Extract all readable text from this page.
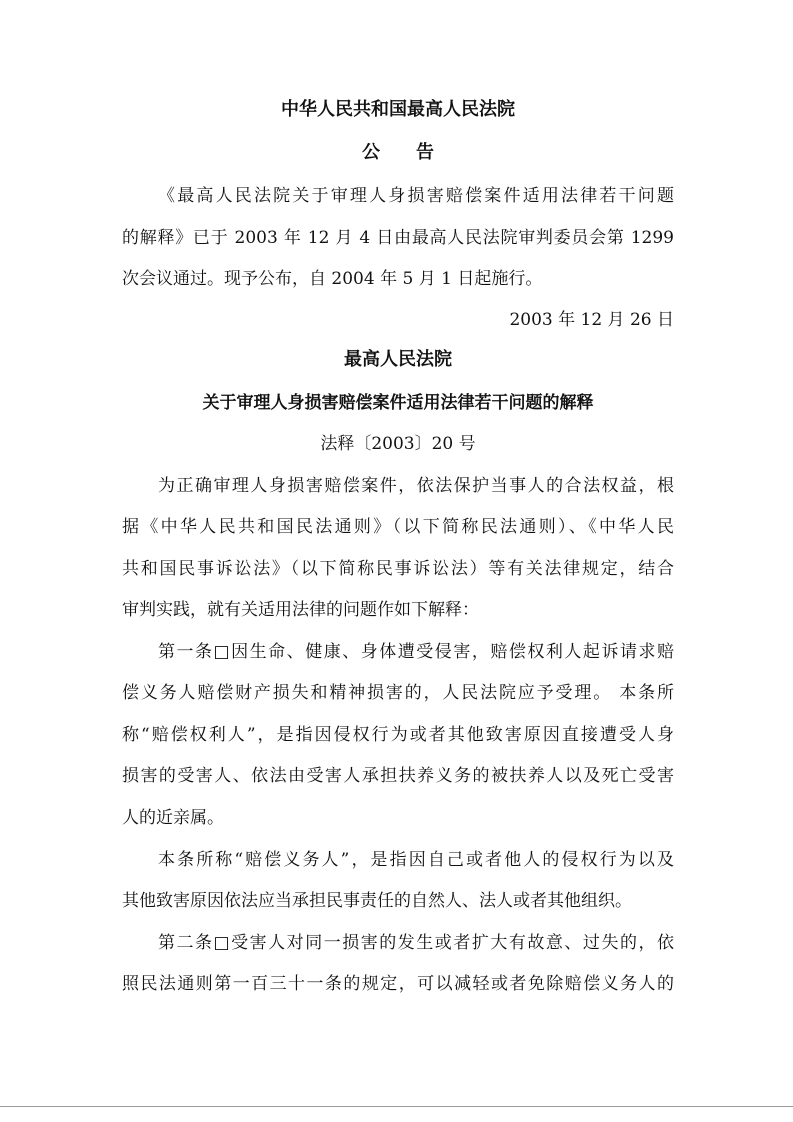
中华人民共和国最高人民法院
公　　告
《最高人民法院关于审理人身损害赔偿案件适用法律若干问题
的解释》已于 2003 年 12 月 4 日由最高人民法院审判委员会第 1299
次会议通过。现予公布，自 2004 年 5 月 1 日起施行。
2003 年 12 月 26 日
最高人民法院
关于审理人身损害赔偿案件适用法律若干问题的解释
法释〔2003〕20 号
为正确审理人身损害赔偿案件，依法保护当事人的合法权益，根
据《中华人民共和国民法通则》（以下简称民法通则）、《中华人民
共和国民事诉讼法》（以下简称民事诉讼法）等有关法律规定，结合
审判实践，就有关适用法律的问题作如下解释：
第一条□因生命、健康、身体遭受侵害，赔偿权利人起诉请求赔
偿义务人赔偿财产损失和精神损害的，人民法院应予受理。 本条所
称“赔偿权利人”，是指因侵权行为或者其他致害原因直接遭受人身
损害的受害人、依法由受害人承担扶养义务的被扶养人以及死亡受害
人的近亲属。
本条所称“赔偿义务人”，是指因自己或者他人的侵权行为以及
其他致害原因依法应当承担民事责任的自然人、法人或者其他组织。
第二条□受害人对同一损害的发生或者扩大有故意、过失的，依
照民法通则第一百三十一条的规定，可以减轻或者免除赔偿义务人的
